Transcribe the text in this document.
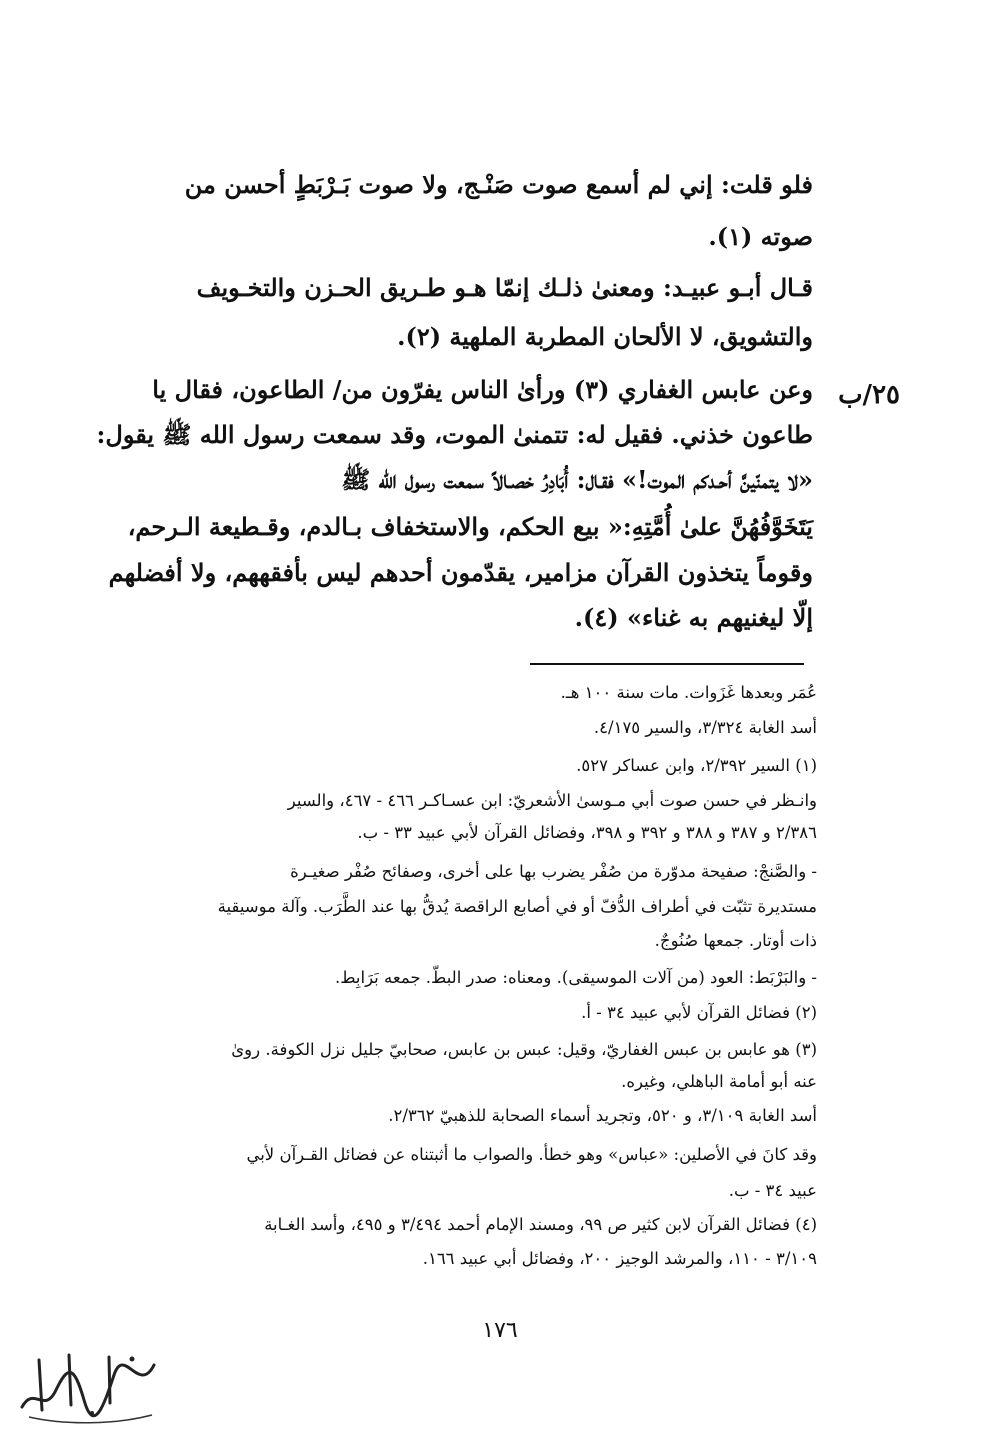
فلو قلت: إني لم أسمع صوت صَنْـج، ولا صوت بَـرْبَطٍ أحسن من
صوته (١).
قـال أبـو عبيـد: ومعنىٰ ذلـك إنمّا هـو طـريق الحـزن والتخـويف
والتشويق، لا الألحان المطربة الملهية (٢).
وعن عابس الغفاري (٣) ورأىٰ الناس يفرّون من/ الطاعون، فقال يا
طاعون خذني. فقيل له: تتمنىٰ الموت، وقد سمعت رسول الله ﷺ يقول:
«لا يتمنّينَّ أحـدكم الموت!» فقـال: أُبَادِرُ خصـالاً سمعت رسول الله ﷺ
يَتَخَوَّفُهُنَّ علىٰ أُمَّتِهِ:« بيع الحكم، والاستخفاف بـالدم، وقـطيعة الـرحم،
وقوماً يتخذون القرآن مزامير، يقدّمون أحدهم ليس بأفقههم، ولا أفضلهم
إلّا ليغنيهم به غناء» (٤).
٢٥/ب
عُمَر وبعدها غَزَوات. مات سنة ١٠٠ هـ.
أسد الغابة ٣/٣٢٤، والسير ٤/١٧٥.
(١) السير ٢/٣٩٢، وابن عساكر ٥٢٧.
وانـظر في حسن صوت أبي مـوسىٰ الأشعريّ: ابن عسـاكـر ٤٦٦ - ٤٦٧، والسير
٢/٣٨٦ و ٣٨٧ و ٣٨٨ و ٣٩٢ و ٣٩٨، وفضائل القرآن لأبي عبيد ٣٣ - ب.
- والصَّنجْ: صفيحة مدوّرة من صُفْر يضرب بها على أخرى، وصفائح صُفْر صغيـرة
مستديرة تثبّت في أطراف الدُّفّ أو في أصابع الراقصة يُدقُّ بها عند الطَّرَب. وآلة موسيقية
ذات أوتار. جمعها صُنُوجٌ.
- والبَرْبَط: العود (من آلات الموسيقى). ومعناه: صدر البطّ. جمعه بَرَابِط.
(٢) فضائل القرآن لأبي عبيد ٣٤ - أ.
(٣) هو عابس بن عبس الغفاريّ، وقيل: عبس بن عابس، صحابيّ جليل نزل الكوفة. روىٰ
عنه أبو أمامة الباهلي، وغيره.
أسد الغابة ٣/١٠٩، و ٥٢٠، وتجريد أسماء الصحابة للذهبيّ ٢/٣٦٢.
وقد كانَ في الأصلين: «عباس» وهو خطأ. والصواب ما أثبتناه عن فضائل القـرآن لأبي
عبيد ٣٤ - ب.
(٤) فضائل القرآن لابن كثير ص ٩٩، ومسند الإمام أحمد ٣/٤٩٤ و ٤٩٥، وأسد الغـابة
٣/١٠٩ - ١١٠، والمرشد الوجيز ٢٠٠، وفضائل أبي عبيد ١٦٦.
١٧٦
